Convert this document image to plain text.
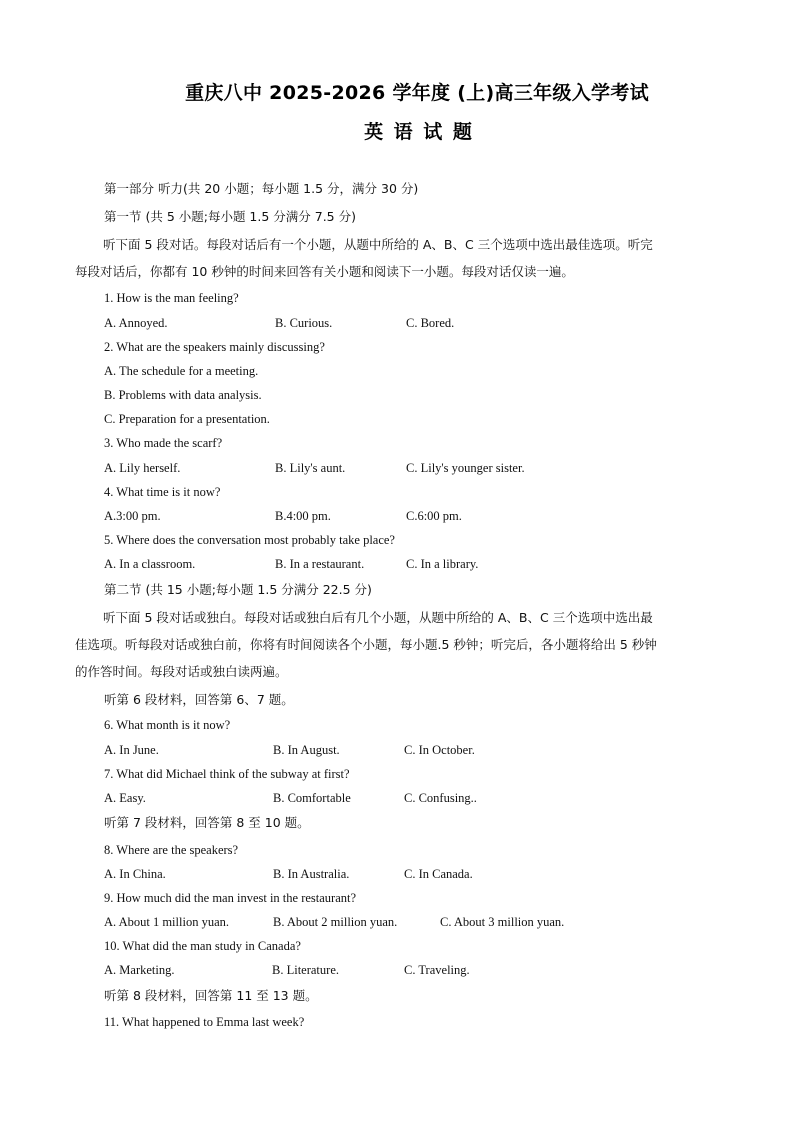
重庆八中 2025-2026 学年度 (上)高三年级入学考试
英 语 试 题
第一部分 听力(共 20 小题；每小题 1.5 分，满分 30 分)
第一节 (共 5 小题;每小题 1.5 分满分 7.5 分)
听下面 5 段对话。每段对话后有一个小题，从题中所给的 A、B、C 三个选项中选出最佳选项。听完
每段对话后，你都有 10 秒钟的时间来回答有关小题和阅读下一小题。每段对话仅读一遍。
1. How is the man feeling?
A. Annoyed.	B. Curious.	C. Bored.
2. What are the speakers mainly discussing?
A. The schedule for a meeting.
B. Problems with data analysis.
C. Preparation for a presentation.
3. Who made the scarf?
A. Lily herself.	B. Lily's aunt.	C. Lily's younger sister.
4. What time is it now?
A.3:00 pm.	B.4:00 pm.	C.6:00 pm.
5. Where does the conversation most probably take place?
A. In a classroom.	B. In a restaurant.	C. In a library.
第二节 (共 15 小题;每小题 1.5 分满分 22.5 分)
听下面 5 段对话或独白。每段对话或独白后有几个小题，从题中所给的 A、B、C 三个选项中选出最
佳选项。听每段对话或独白前，你将有时间阅读各个小题，每小题.5 秒钟；听完后，各小题将给出 5 秒钟
的作答时间。每段对话或独白读两遍。
听第 6 段材料，回答第 6、7 题。
6. What month is it now?
A. In June.	B. In August.	C. In October.
7. What did Michael think of the subway at first?
A. Easy.	B. Comfortable	C. Confusing..
听第 7 段材料，回答第 8 至 10 题。
8. Where are the speakers?
A. In China.	B. In Australia.	C. In Canada.
9. How much did the man invest in the restaurant?
A. About 1 million yuan.	B. About 2 million yuan.	C. About 3 million yuan.
10. What did the man study in Canada?
A. Marketing.	B. Literature.	C. Traveling.
听第 8 段材料，回答第 11 至 13 题。
11. What happened to Emma last week?
